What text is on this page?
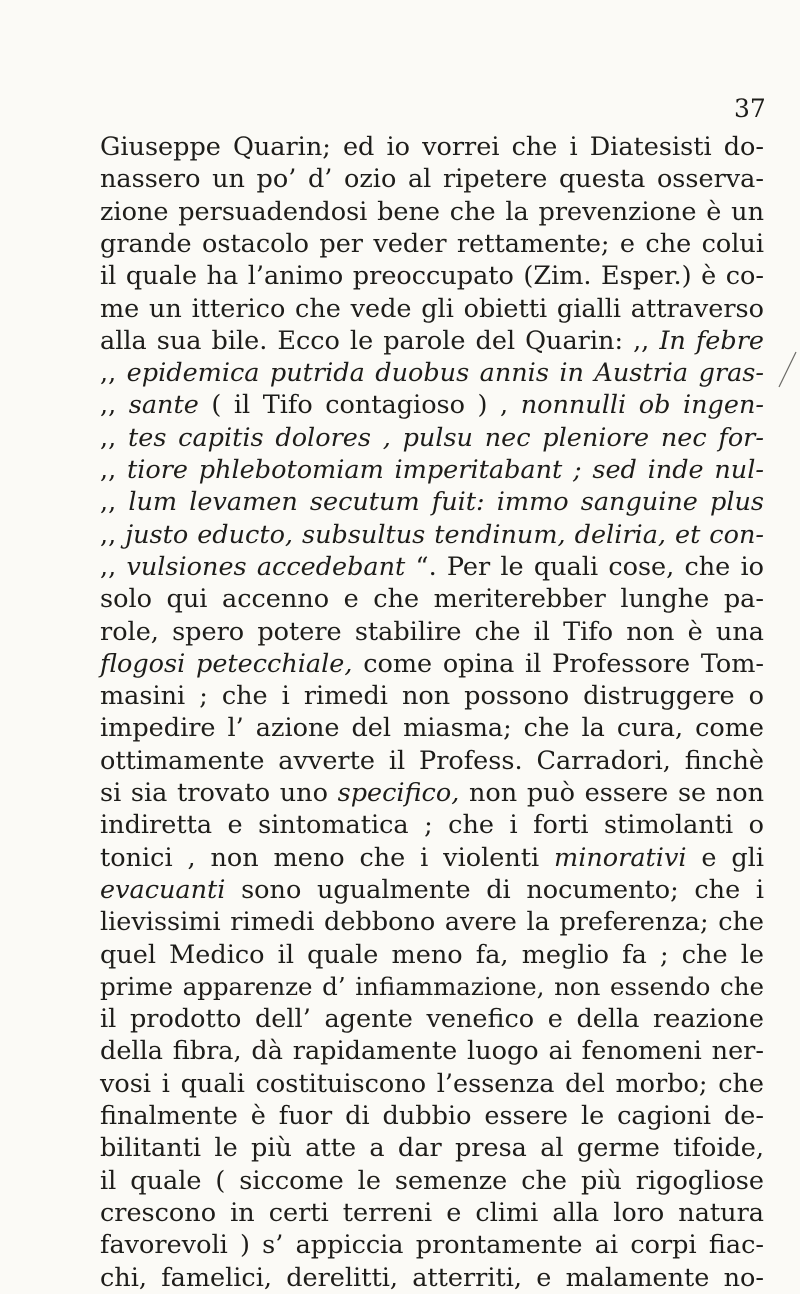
37
Giuseppe Quarin; ed io vorrei che i Diatesisti do-
nassero un po’ d’ ozio al ripetere questa osserva-
zione persuadendosi bene che la prevenzione è un
grande ostacolo per veder rettamente; e che colui
il quale ha l’animo preoccupato (Zim. Esper.) è co-
me un itterico che vede gli obietti gialli attraverso
alla sua bile. Ecco le parole del Quarin: ,, In febre
,, epidemica putrida duobus annis in Austria gras-
,, sante ( il Tifo contagioso ) , nonnulli ob ingen-
,, tes capitis dolores , pulsu nec pleniore nec for-
,, tiore phlebotomiam imperitabant ; sed inde nul-
,, lum levamen secutum fuit: immo sanguine plus
,, justo educto, subsultus tendinum, deliria, et con-
,, vulsiones accedebant “. Per le quali cose, che io
solo qui accenno e che meriterebber lunghe pa-
role, spero potere stabilire che il Tifo non è una
flogosi petecchiale, come opina il Professore Tom-
masini ; che i rimedi non possono distruggere o
impedire l’ azione del miasma; che la cura, come
ottimamente avverte il Profess. Carradori, finchè
si sia trovato uno specifico, non può essere se non
indiretta e sintomatica ; che i forti stimolanti o
tonici , non meno che i violenti minorativi e gli
evacuanti sono ugualmente di nocumento; che i
lievissimi rimedi debbono avere la preferenza; che
quel Medico il quale meno fa, meglio fa ; che le
prime apparenze d’ infiammazione, non essendo che
il prodotto dell’ agente venefico e della reazione
della fibra, dà rapidamente luogo ai fenomeni ner-
vosi i quali costituiscono l’essenza del morbo; che
finalmente è fuor di dubbio essere le cagioni de-
bilitanti le più atte a dar presa al germe tifoide,
il quale ( siccome le semenze che più rigogliose
crescono in certi terreni e climi alla loro natura
favorevoli ) s’ appiccia prontamente ai corpi fiac-
chi, famelici, derelitti, atterriti, e malamente no-
